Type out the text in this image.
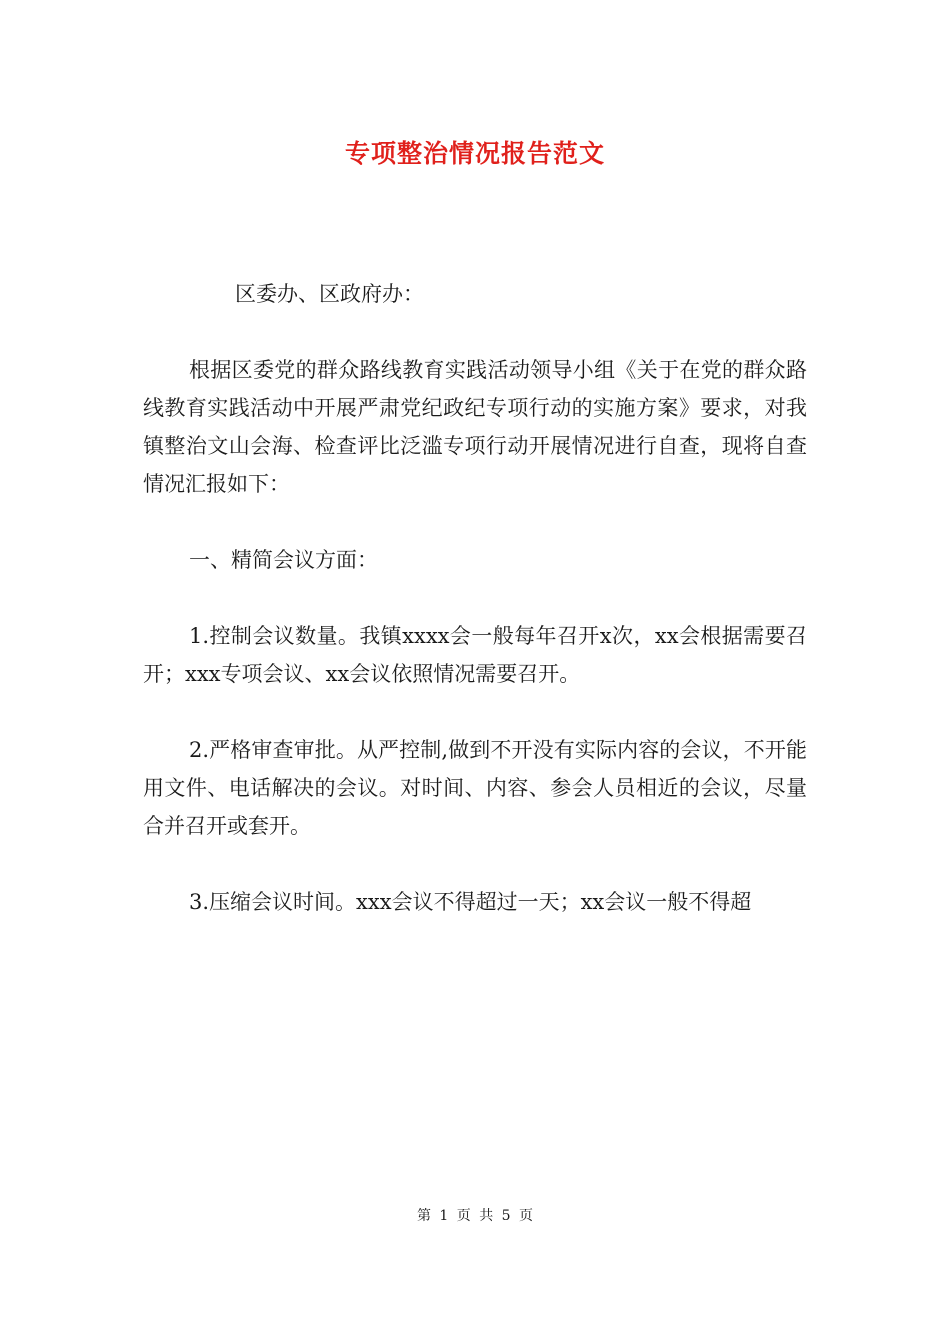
专项整治情况报告范文

区委办、区政府办：

根据区委党的群众路线教育实践活动领导小组《关于在党的群众路线教育实践活动中开展严肃党纪政纪专项行动的实施方案》要求，对我镇整治文山会海、检查评比泛滥专项行动开展情况进行自查，现将自查情况汇报如下：

一、精简会议方面：

1.控制会议数量。我镇xxxx会一般每年召开x次，xx会根据需要召开；xxx专项会议、xx会议依照情况需要召开。

2.严格审查审批。从严控制,做到不开没有实际内容的会议，不开能用文件、电话解决的会议。对时间、内容、参会人员相近的会议，尽量合并召开或套开。

3.压缩会议时间。xxx会议不得超过一天；xx会议一般不得超

第 1 页 共 5 页
